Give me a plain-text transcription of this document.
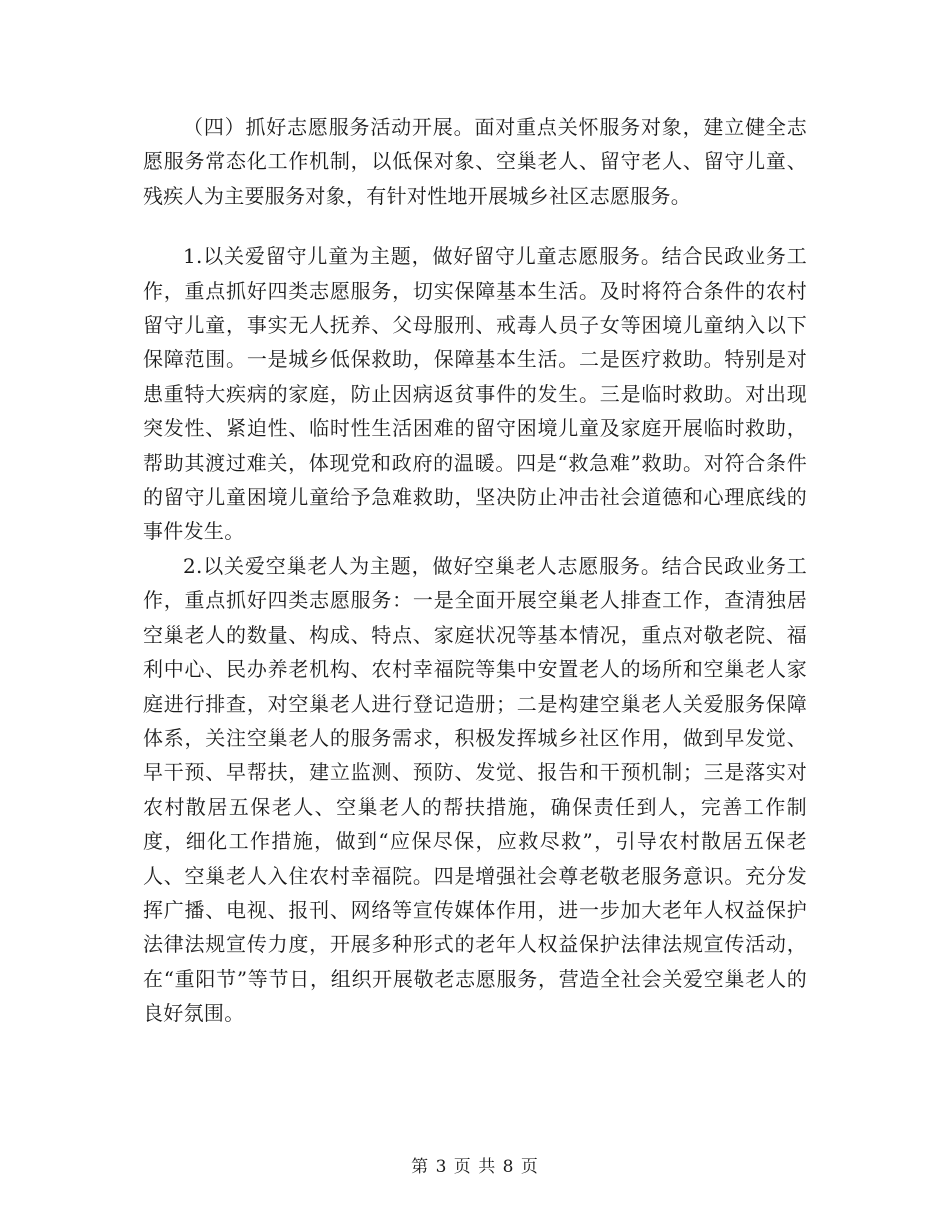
（四）抓好志愿服务活动开展。面对重点关怀服务对象，建立健全志愿服务常态化工作机制，以低保对象、空巢老人、留守老人、留守儿童、残疾人为主要服务对象，有针对性地开展城乡社区志愿服务。

1.以关爱留守儿童为主题，做好留守儿童志愿服务。结合民政业务工作，重点抓好四类志愿服务，切实保障基本生活。及时将符合条件的农村留守儿童，事实无人抚养、父母服刑、戒毒人员子女等困境儿童纳入以下保障范围。一是城乡低保救助，保障基本生活。二是医疗救助。特别是对患重特大疾病的家庭，防止因病返贫事件的发生。三是临时救助。对出现突发性、紧迫性、临时性生活困难的留守困境儿童及家庭开展临时救助，帮助其渡过难关，体现党和政府的温暖。四是“救急难”救助。对符合条件的留守儿童困境儿童给予急难救助，坚决防止冲击社会道德和心理底线的事件发生。

2.以关爱空巢老人为主题，做好空巢老人志愿服务。结合民政业务工作，重点抓好四类志愿服务：一是全面开展空巢老人排查工作，查清独居空巢老人的数量、构成、特点、家庭状况等基本情况，重点对敬老院、福利中心、民办养老机构、农村幸福院等集中安置老人的场所和空巢老人家庭进行排查，对空巢老人进行登记造册；二是构建空巢老人关爱服务保障体系，关注空巢老人的服务需求，积极发挥城乡社区作用，做到早发觉、早干预、早帮扶，建立监测、预防、发觉、报告和干预机制；三是落实对农村散居五保老人、空巢老人的帮扶措施，确保责任到人，完善工作制度，细化工作措施，做到“应保尽保，应救尽救”，引导农村散居五保老人、空巢老人入住农村幸福院。四是增强社会尊老敬老服务意识。充分发挥广播、电视、报刊、网络等宣传媒体作用，进一步加大老年人权益保护法律法规宣传力度，开展多种形式的老年人权益保护法律法规宣传活动，在“重阳节”等节日，组织开展敬老志愿服务，营造全社会关爱空巢老人的良好氛围。

第 3 页 共 8 页
